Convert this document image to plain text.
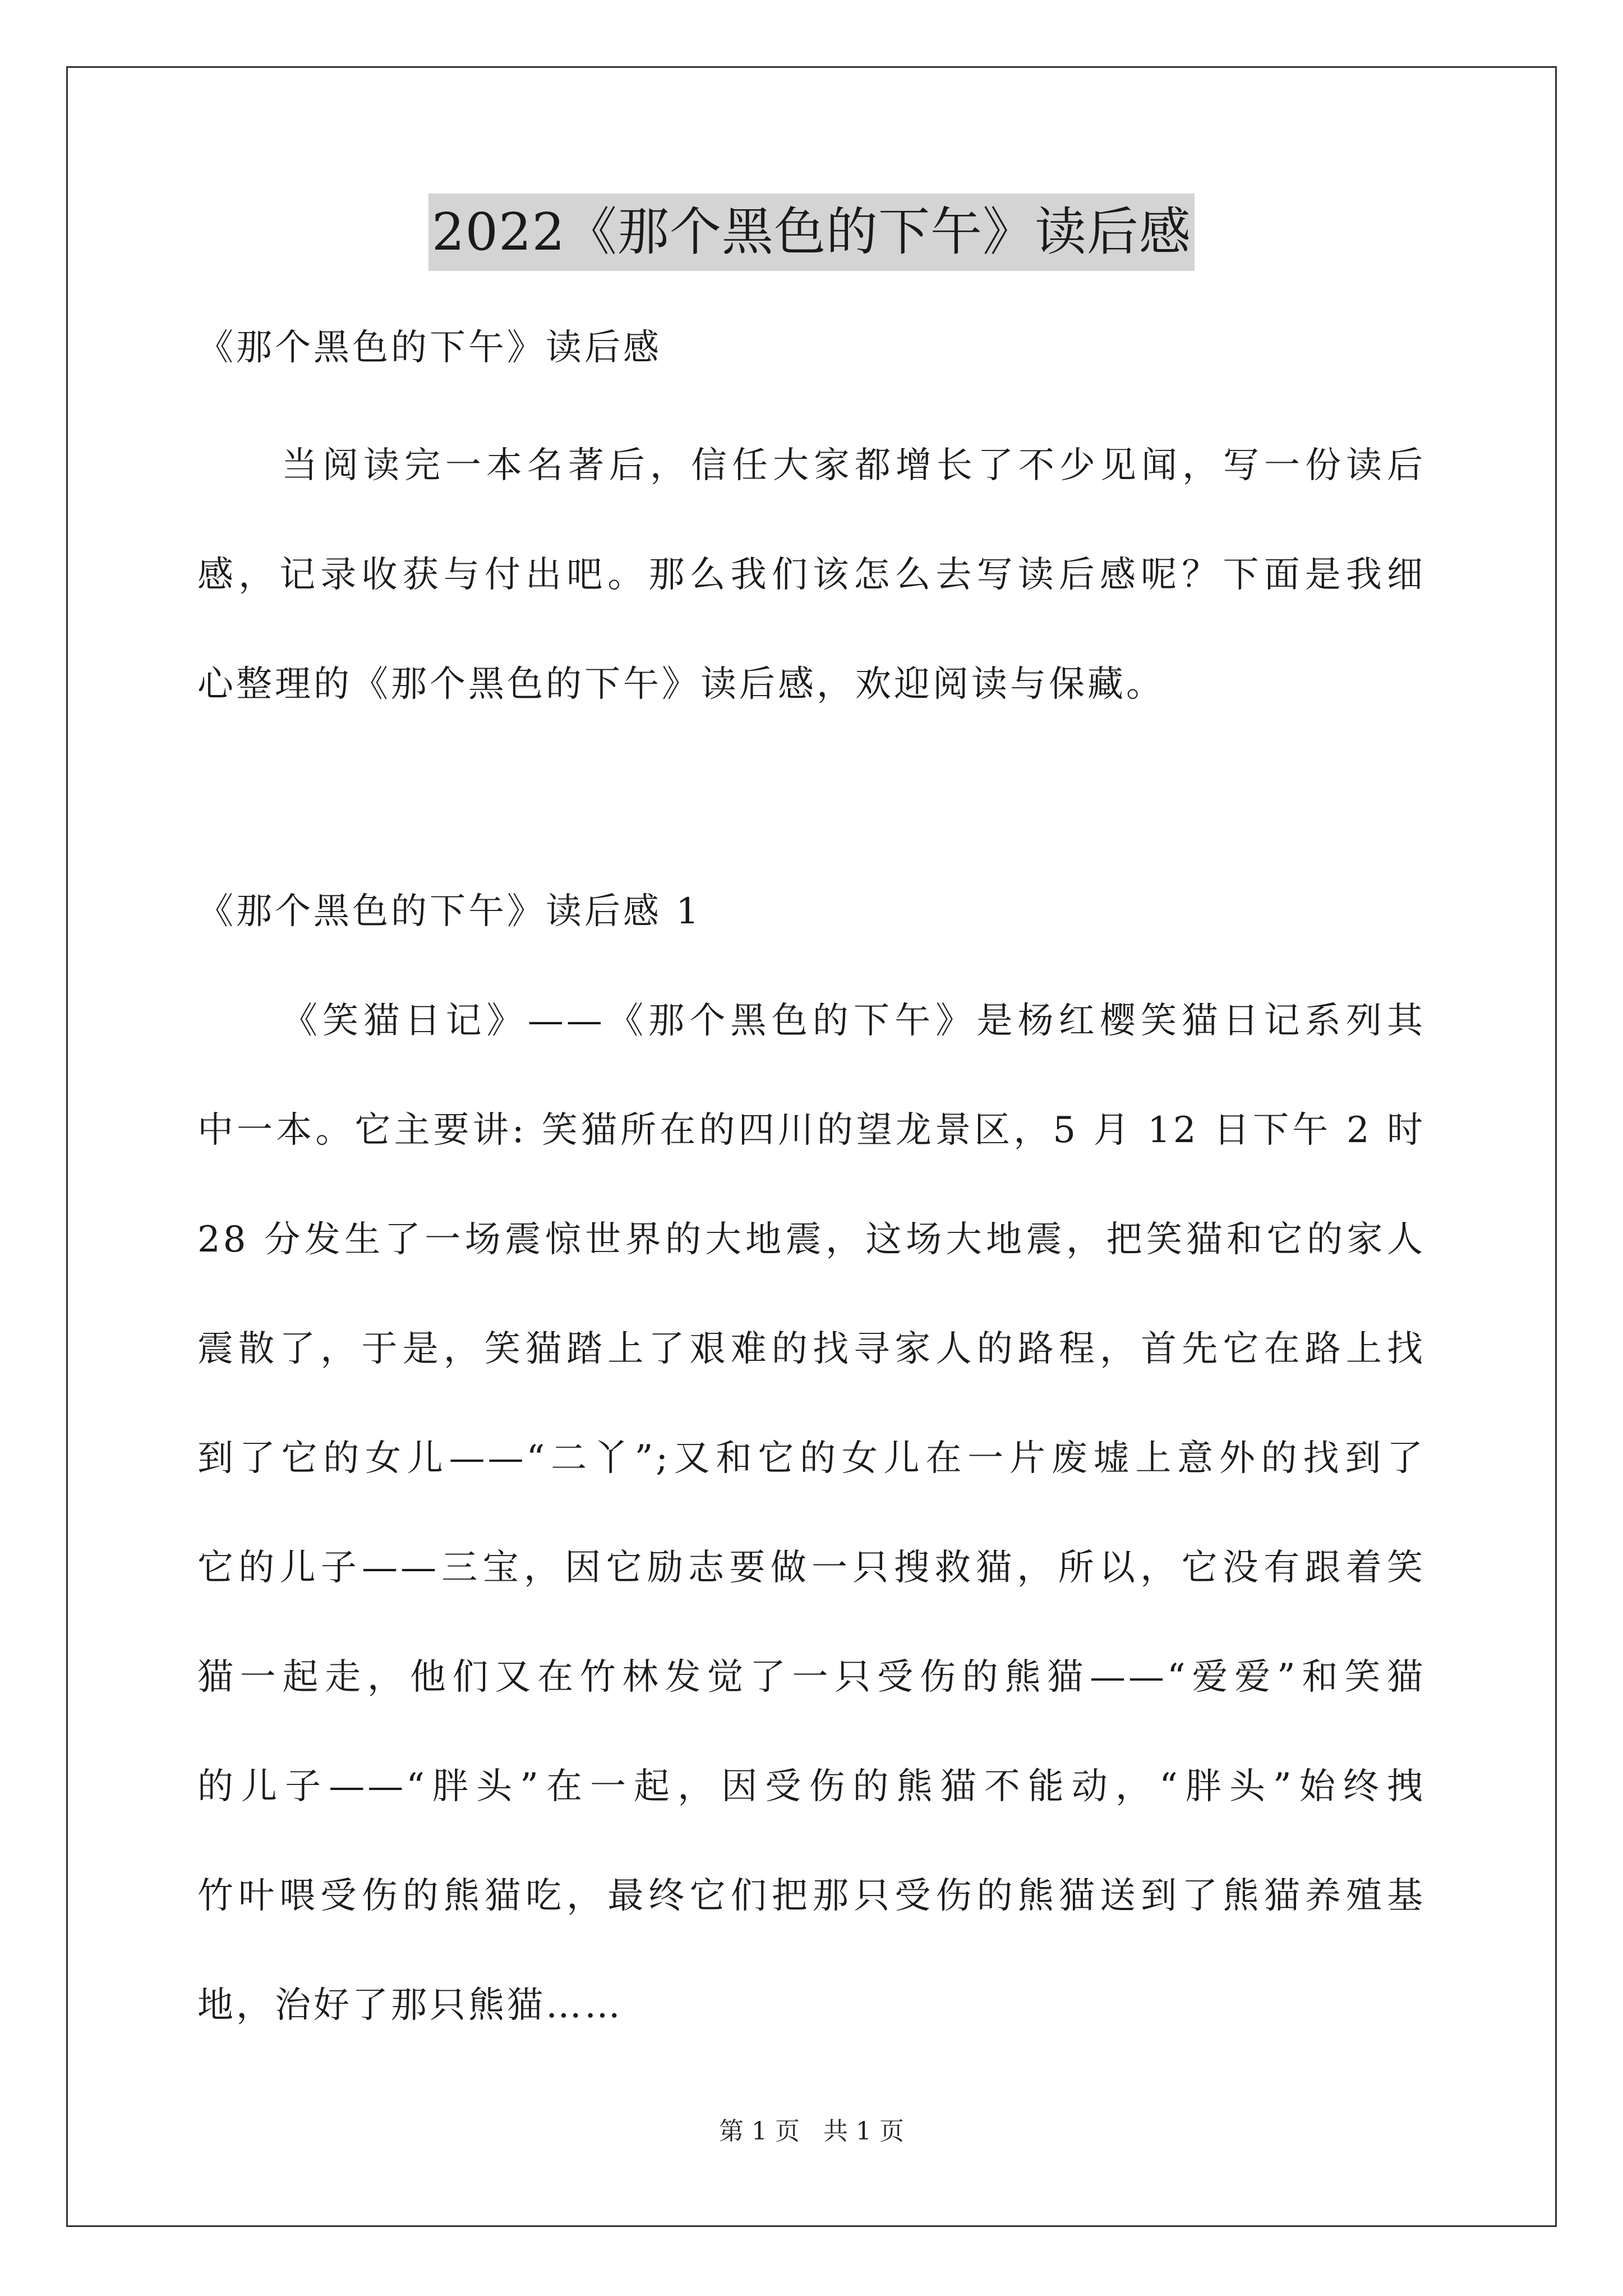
2022《那个黑色的下午》读后感
《那个黑色的下午》读后感
当阅读完一本名著后，信任大家都增长了不少见闻，写一份读后
感，记录收获与付出吧。那么我们该怎么去写读后感呢？下面是我细
心整理的《那个黑色的下午》读后感，欢迎阅读与保藏。
《那个黑色的下午》读后感 1
《笑猫日记》——《那个黑色的下午》是杨红樱笑猫日记系列其
中一本。它主要讲: 笑猫所在的四川的望龙景区，5 月 12 日下午 2 时
28 分发生了一场震惊世界的大地震，这场大地震，把笑猫和它的家人
震散了，于是，笑猫踏上了艰难的找寻家人的路程，首先它在路上找
到了它的女儿——“二丫”;又和它的女儿在一片废墟上意外的找到了
它的儿子——三宝，因它励志要做一只搜救猫，所以，它没有跟着笑
猫一起走，他们又在竹林发觉了一只受伤的熊猫——“爱爱”和笑猫
的儿子——“胖头”在一起，因受伤的熊猫不能动，“胖头”始终拽
竹叶喂受伤的熊猫吃，最终它们把那只受伤的熊猫送到了熊猫养殖基
地，治好了那只熊猫……
第 1 页   共 1 页
